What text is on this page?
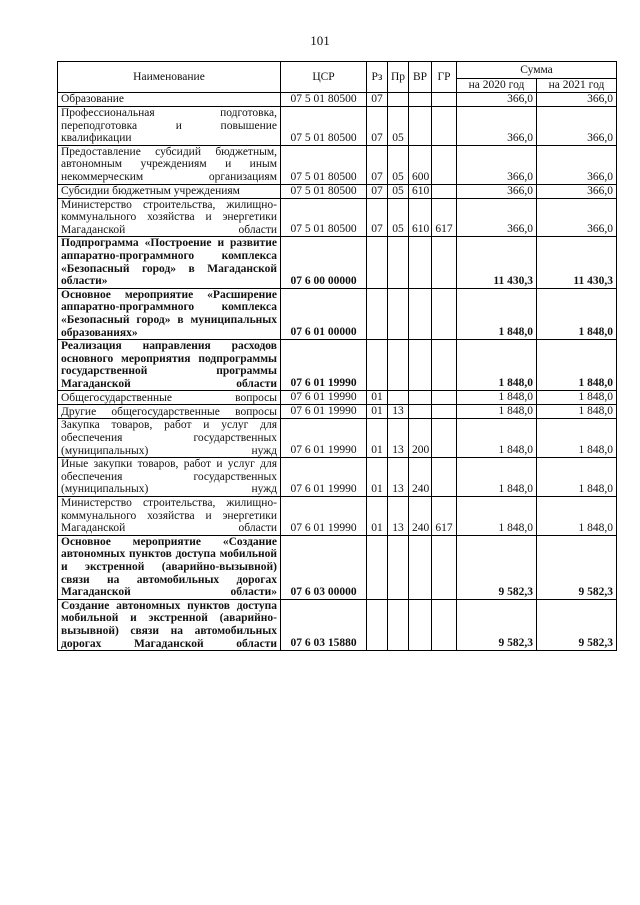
101
Наименование	ЦСР	Рз	Пр	ВР	ГР	Сумма	
						на 2020 год	на 2021 год
Образование	07 5 01 80500	07				366,0	366,0
Профессиональная подготовка, переподготовка и повышение квалификации	07 5 01 80500	07	05			366,0	366,0
Предоставление субсидий бюджетным, автономным учреждениям и иным некоммерческим организациям	07 5 01 80500	07	05	600		366,0	366,0
Субсидии бюджетным учреждениям	07 5 01 80500	07	05	610		366,0	366,0
Министерство строительства, жилищно-коммунального хозяйства и энергетики Магаданской области	07 5 01 80500	07	05	610	617	366,0	366,0
Подпрограмма «Построение и развитие аппаратно-программного комплекса «Безопасный город» в Магаданской области»	07 6 00 00000					11 430,3	11 430,3
Основное мероприятие «Расширение аппаратно-программного комплекса «Безопасный город» в муниципальных образованиях»	07 6 01 00000					1 848,0	1 848,0
Реализация направления расходов основного мероприятия подпрограммы государственной программы Магаданской области	07 6 01 19990					1 848,0	1 848,0
Общегосударственные вопросы	07 6 01 19990	01				1 848,0	1 848,0
Другие общегосударственные вопросы	07 6 01 19990	01	13			1 848,0	1 848,0
Закупка товаров, работ и услуг для обеспечения государственных (муниципальных) нужд	07 6 01 19990	01	13	200		1 848,0	1 848,0
Иные закупки товаров, работ и услуг для обеспечения государственных (муниципальных) нужд	07 6 01 19990	01	13	240		1 848,0	1 848,0
Министерство строительства, жилищно-коммунального хозяйства и энергетики Магаданской области	07 6 01 19990	01	13	240	617	1 848,0	1 848,0
Основное мероприятие «Создание автономных пунктов доступа мобильной и экстренной (аварийно-вызывной) связи на автомобильных дорогах Магаданской области»	07 6 03 00000					9 582,3	9 582,3
Создание автономных пунктов доступа мобильной и экстренной (аварийно-вызывной) связи на автомобильных дорогах Магаданской области	07 6 03 15880					9 582,3	9 582,3
